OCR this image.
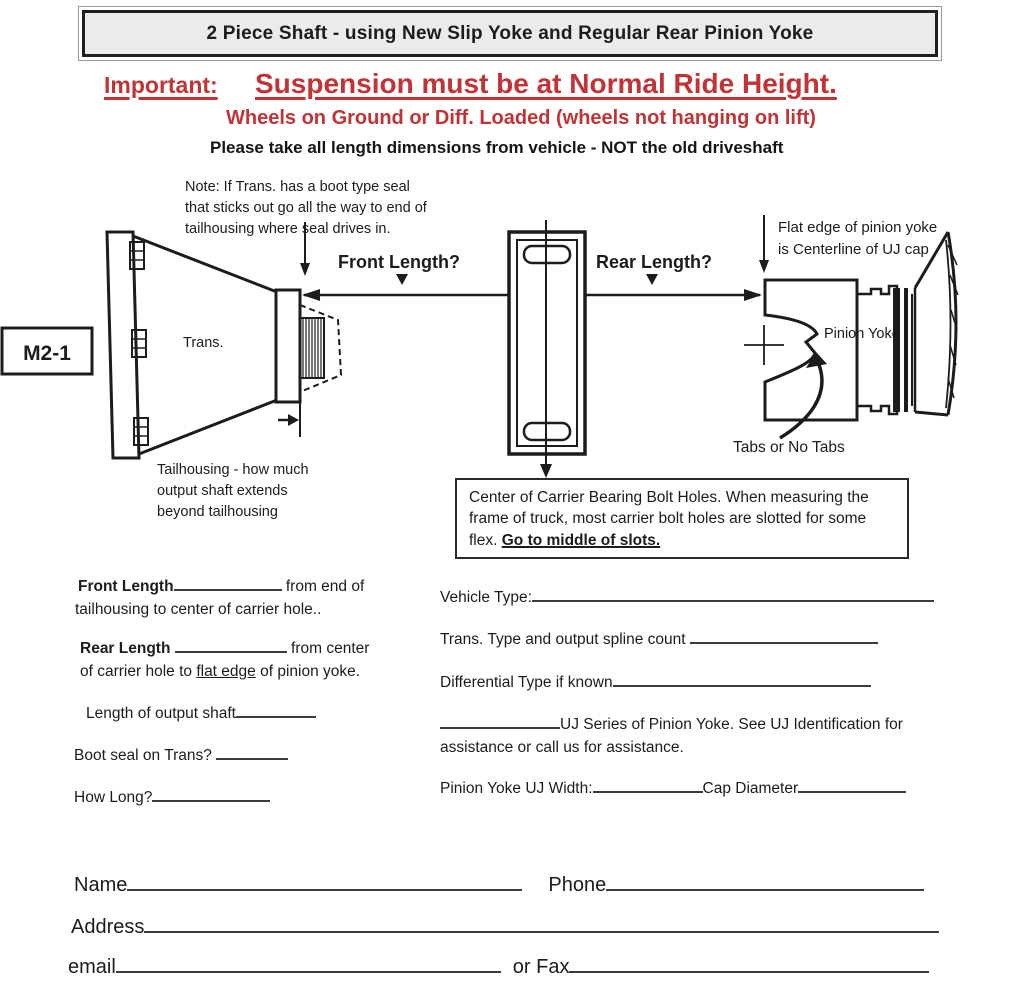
2 Piece Shaft - using New Slip Yoke and Regular Rear Pinion Yoke
Important: Suspension must be at Normal Ride Height.
Wheels on Ground or Diff. Loaded (wheels not hanging on lift)
Please take all length dimensions from vehicle - NOT the old driveshaft
Note: If Trans. has a boot type seal
that sticks out go all the way to end of
tailhousing where seal drives in.
M2-1	Trans.
Front Length?	Rear Length?
Flat edge of pinion yoke
is Centerline of UJ cap
Pinion Yoke
Tabs or No Tabs
Tailhousing - how much
output shaft extends
beyond tailhousing
Center of Carrier Bearing Bolt Holes. When measuring the frame of truck, most carrier bolt holes are slotted for some flex. Go to middle of slots.
Front Length	from end of
tailhousing to center of carrier hole..
Rear Length	from center
of carrier hole to flat edge of pinion yoke.
Length of output shaft
Boot seal on Trans?
How Long?
Vehicle Type:
Trans. Type and output spline count
Differential Type if known
UJ Series of Pinion Yoke. See UJ Identification for assistance or call us for assistance.
Pinion Yoke UJ Width:	Cap Diameter
Name	Phone
Address
email	or Fax
